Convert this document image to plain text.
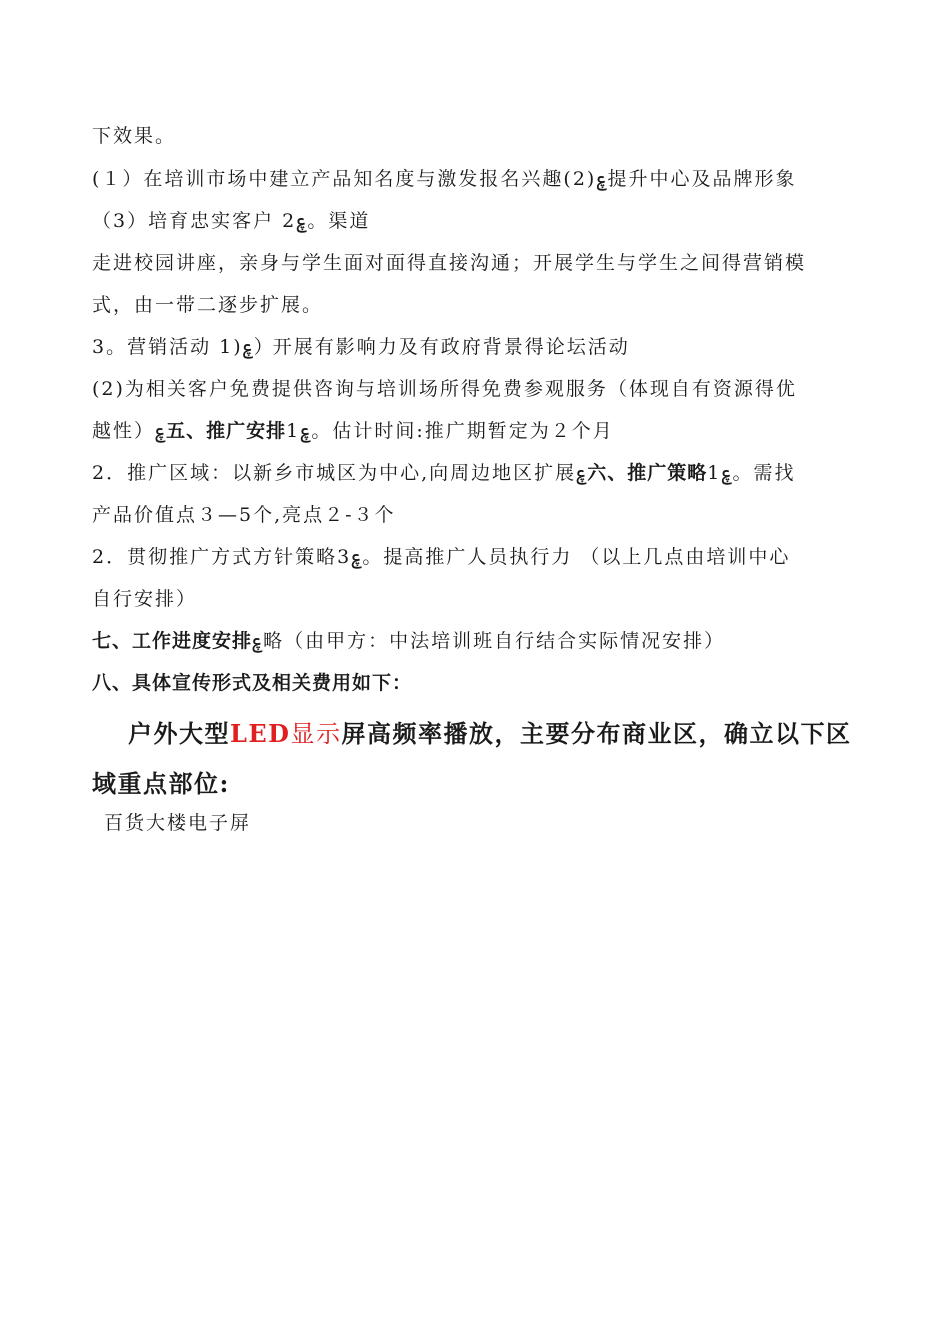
下效果。
(１）在培训市场中建立产品知名度与激发报名兴趣(2)ࢳ提升中心及品牌形象
（3）培育忠实客户 2ࢳ。渠道
走进校园讲座，亲身与学生面对面得直接沟通；开展学生与学生之间得营销模
式，由一带二逐步扩展。
3。营销活动 1)ࢳ）开展有影响力及有政府背景得论坛活动
(2)为相关客户免费提供咨询与培训场所得免费参观服务（体现自有资源得优
越性）ࢳ五、推广安排1ࢳ。估计时间:推广期暂定为２个月
2．推广区域：以新乡市城区为中心,向周边地区扩展ࢳ六、推广策略1ࢳ。需找
产品价值点３—5个,亮点２-３个
2．贯彻推广方式方针策略3ࢳ。提高推广人员执行力 （以上几点由培训中心
自行安排）
七、工作进度安排ࢳ略（由甲方：中法培训班自行结合实际情况安排）
八、具体宣传形式及相关费用如下：
户外大型LED显示屏高频率播放，主要分布商业区，确立以下区
域重点部位:
百货大楼电子屏
